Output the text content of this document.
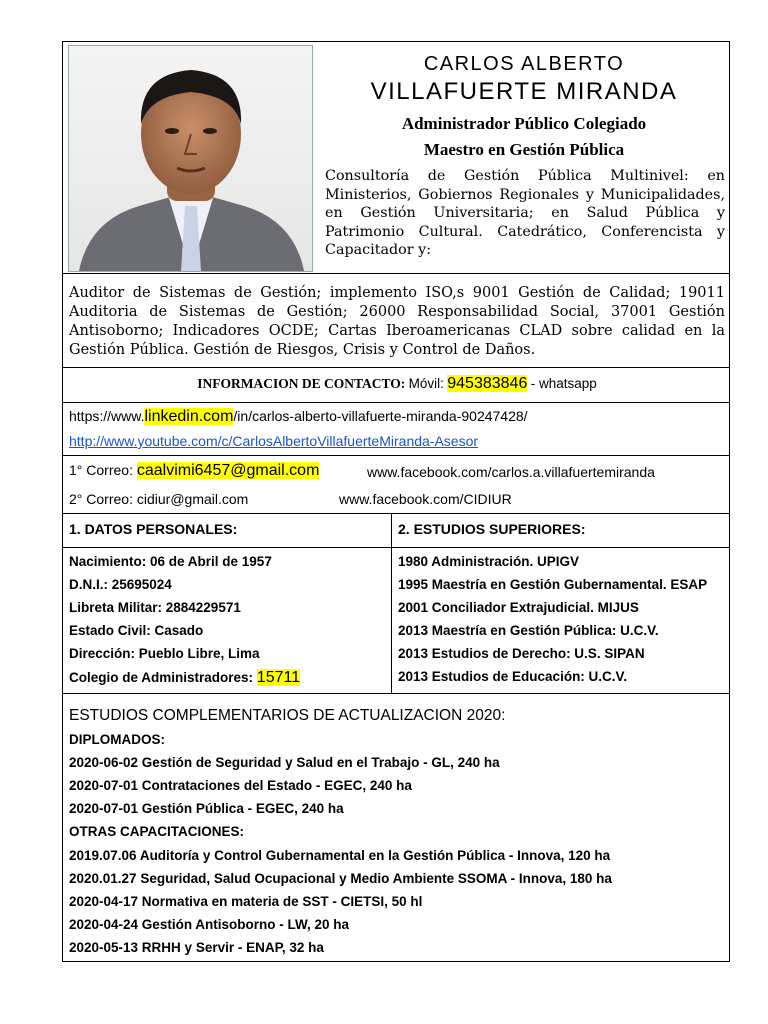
CARLOS ALBERTO
VILLAFUERTE MIRANDA
Administrador Público Colegiado
Maestro en Gestión Pública
Consultoría de Gestión Pública Multinivel: en Ministerios, Gobiernos Regionales y Municipalidades, en Gestión Universitaria; en Salud Pública y Patrimonio Cultural. Catedrático, Conferencista y Capacitador y:
Auditor de Sistemas de Gestión; implemento ISO,s 9001 Gestión de Calidad; 19011 Auditoria de Sistemas de Gestión; 26000 Responsabilidad Social, 37001 Gestión Antisoborno; Indicadores OCDE; Cartas Iberoamericanas CLAD sobre calidad en la Gestión Pública. Gestión de Riesgos, Crisis y Control de Daños.
INFORMACION DE CONTACTO: Móvil: 945383846 - whatsapp
https://www.linkedin.com/in/carlos-alberto-villafuerte-miranda-90247428/
http://www.youtube.com/c/CarlosAlbertoVillafuerteMiranda-Asesor
1° Correo: caalvimi6457@gmail.com	www.facebook.com/carlos.a.villafuertemiranda
2° Correo: cidiur@gmail.com	www.facebook.com/CIDIUR
1. DATOS PERSONALES:	2. ESTUDIOS SUPERIORES:
Nacimiento: 06 de Abril de 1957
D.N.I.: 25695024
Libreta Militar: 2884229571
Estado Civil: Casado
Dirección: Pueblo Libre, Lima
Colegio de Administradores: 15711
1980 Administración. UPIGV
1995 Maestría en Gestión Gubernamental. ESAP
2001 Conciliador Extrajudicial. MIJUS
2013 Maestría en Gestión Pública: U.C.V.
2013 Estudios de Derecho: U.S. SIPAN
2013 Estudios de Educación: U.C.V.
ESTUDIOS COMPLEMENTARIOS DE ACTUALIZACION 2020:
DIPLOMADOS:
2020-06-02 Gestión de Seguridad y Salud en el Trabajo - GL, 240 ha
2020-07-01 Contrataciones del Estado - EGEC, 240 ha
2020-07-01 Gestión Pública - EGEC, 240 ha
OTRAS CAPACITACIONES:
2019.07.06 Auditoría y Control Gubernamental en la Gestión Pública - Innova, 120 ha
2020.01.27 Seguridad, Salud Ocupacional y Medio Ambiente SSOMA - Innova, 180 ha
2020-04-17 Normativa en materia de SST - CIETSI, 50 hl
2020-04-24 Gestión Antisoborno - LW, 20 ha
2020-05-13 RRHH y Servir - ENAP, 32 ha
